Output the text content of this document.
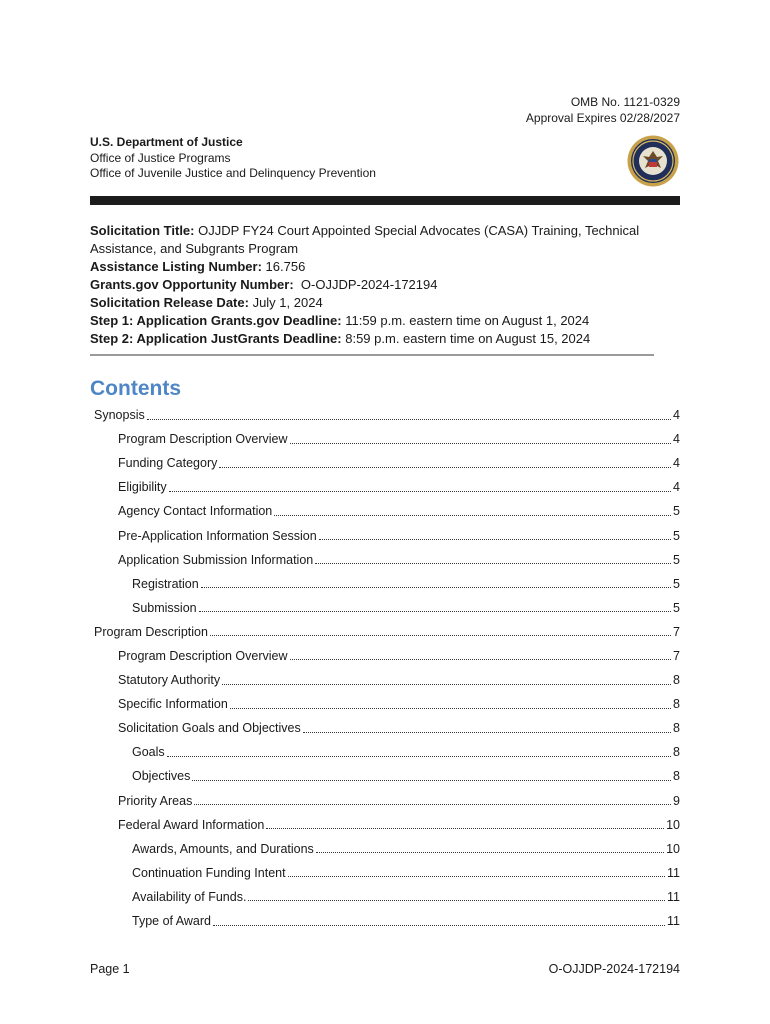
OMB No. 1121-0329
Approval Expires 02/28/2027
U.S. Department of Justice
Office of Justice Programs
Office of Juvenile Justice and Delinquency Prevention
Solicitation Title: OJJDP FY24 Court Appointed Special Advocates (CASA) Training, Technical Assistance, and Subgrants Program
Assistance Listing Number: 16.756
Grants.gov Opportunity Number:  O-OJJDP-2024-172194
Solicitation Release Date: July 1, 2024
Step 1: Application Grants.gov Deadline: 11:59 p.m. eastern time on August 1, 2024
Step 2: Application JustGrants Deadline: 8:59 p.m. eastern time on August 15, 2024
Contents
Synopsis	4
Program Description Overview	4
Funding Category	4
Eligibility	4
Agency Contact Information	5
Pre-Application Information Session	5
Application Submission Information	5
Registration	5
Submission	5
Program Description	7
Program Description Overview	7
Statutory Authority	8
Specific Information	8
Solicitation Goals and Objectives	8
Goals	8
Objectives	8
Priority Areas	9
Federal Award Information	10
Awards, Amounts, and Durations	10
Continuation Funding Intent	11
Availability of Funds.	11
Type of Award	11
Page 1	O-OJJDP-2024-172194
